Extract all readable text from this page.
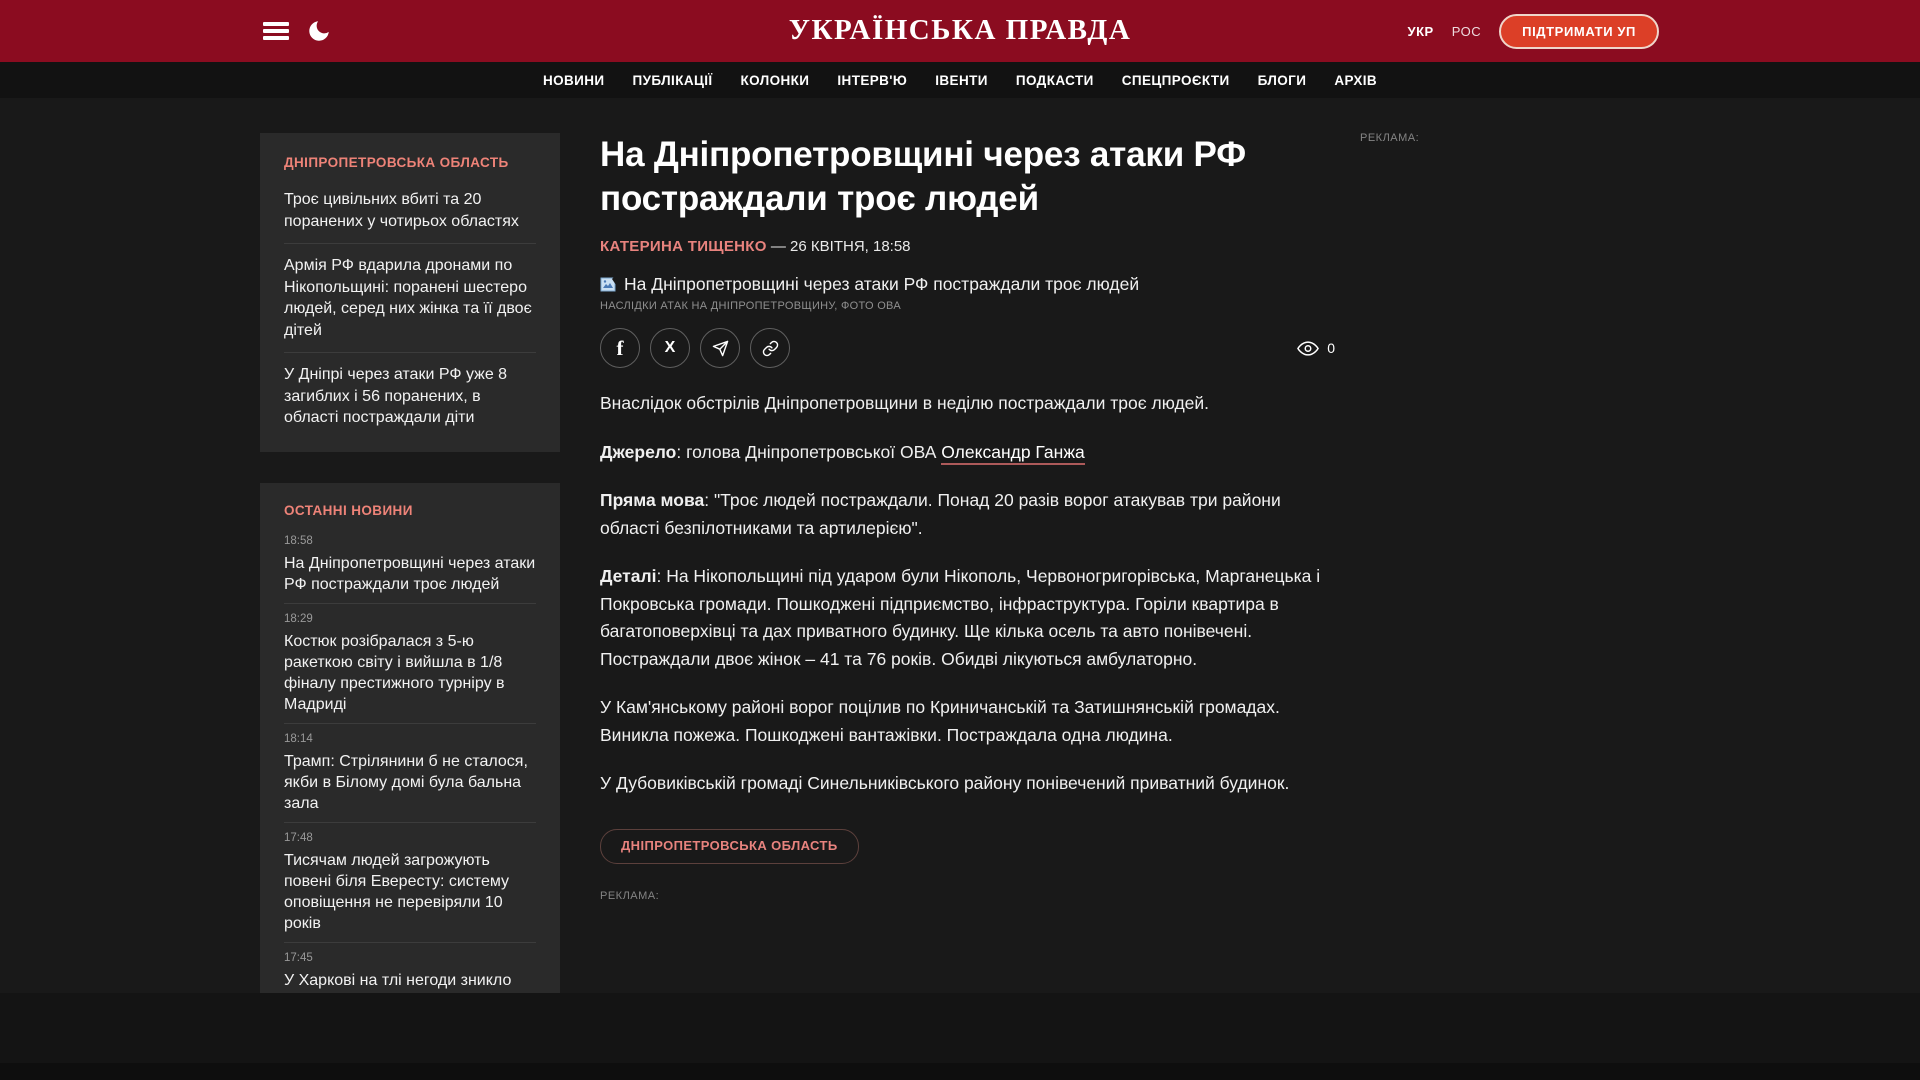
УКРАЇНСЬКА ПРАВДА	УКР РОС	ПІДТРИМАТИ УП
НОВИНИ ПУБЛІКАЦІЇ КОЛОНКИ ІНТЕРВ'Ю ІВЕНТИ ПОДКАСТИ СПЕЦПРОЄКТИ БЛОГИ АРХІВ
РЕКЛАМА:
ДНІПРОПЕТРОВСЬКА ОБЛАСТЬ
Троє цивільних вбиті та 20 поранених у чотирьох областях
Армія РФ вдарила дронами по Нікопольщині: поранені шестеро людей, серед них жінка та її двоє дітей
У Дніпрі через атаки РФ уже 8 загиблих і 56 поранених, в області постраждали діти
ОСТАННІ НОВИНИ
18:58
На Дніпропетровщині через атаки РФ постраждали троє людей
18:29
Костюк розібралася з 5-ю ракеткою світу і вийшла в 1/8 фіналу престижного турніру в Мадриді
18:14
Трамп: Стрілянини б не сталося, якби в Білому домі була бальна зала
17:48
Тисячам людей загрожують повені біля Евересту: систему оповіщення не перевіряли 10 років
17:45
У Харкові на тлі негоди зникло
На Дніпропетровщині через атаки РФ постраждали троє людей
КАТЕРИНА ТИЩЕНКО — 26 КВІТНЯ, 18:58
На Дніпропетровщині через атаки РФ постраждали троє людей
НАСЛІДКИ АТАК НА ДНІПРОПЕТРОВЩИНУ, ФОТО ОВА
f	X	0

Внаслідок обстрілів Дніпропетровщини в неділю постраждали троє людей.

Джерело: голова Дніпропетровської ОВА Олександр Ганжа

Пряма мова: "Троє людей постраждали. Понад 20 разів ворог атакував три райони області безпілотниками та артилерією".

Деталі: На Нікопольщині під ударом були Нікополь, Червоногригорівська, Марганецька і Покровська громади. Пошкоджені підприємство, інфраструктура. Горіли квартира в багатоповерхівці та дах приватного будинку. Ще кілька осель та авто понівечені. Постраждали двоє жінок – 41 та 76 років. Обидві лікуються амбулаторно.

У Кам'янському районі ворог поцілив по Криничанській та Затишнянській громадах. Виникла пожежа. Пошкоджені вантажівки. Постраждала одна людина.

У Дубовиківській громаді Синельниківського району понівечений приватний будинок.

ДНІПРОПЕТРОВСЬКА ОБЛАСТЬ
РЕКЛАМА:
